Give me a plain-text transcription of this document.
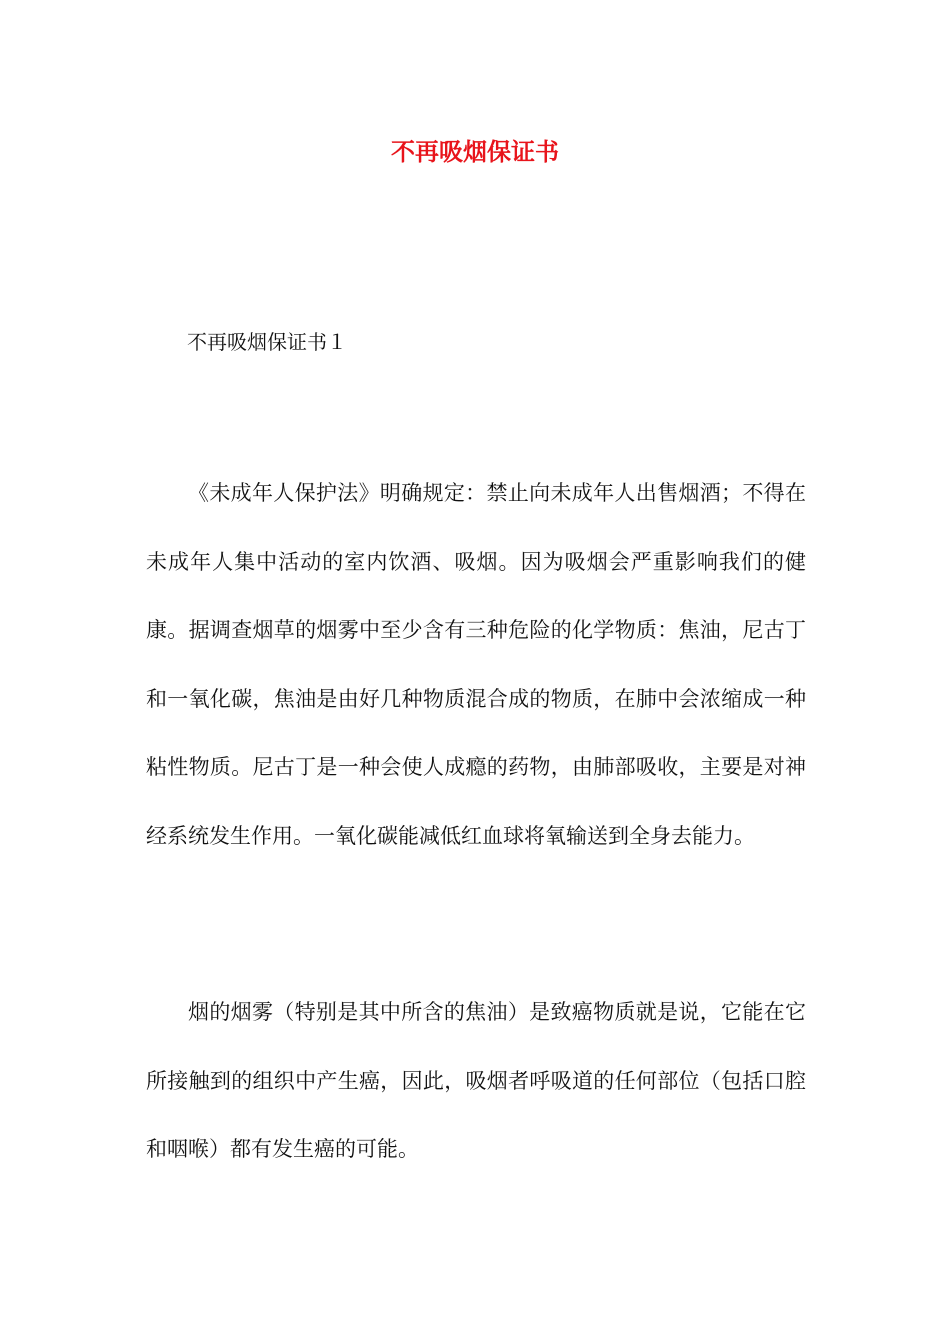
不再吸烟保证书

不再吸烟保证书１

《未成年人保护法》明确规定：禁止向未成年人出售烟酒；不得在未成年人集中活动的室内饮酒、吸烟。因为吸烟会严重影响我们的健康。据调查烟草的烟雾中至少含有三种危险的化学物质：焦油，尼古丁和一氧化碳，焦油是由好几种物质混合成的物质，在肺中会浓缩成一种粘性物质。尼古丁是一种会使人成瘾的药物，由肺部吸收，主要是对神经系统发生作用。一氧化碳能减低红血球将氧输送到全身去能力。

烟的烟雾（特别是其中所含的焦油）是致癌物质就是说，它能在它所接触到的组织中产生癌，因此，吸烟者呼吸道的任何部位（包括口腔和咽喉）都有发生癌的可能。
